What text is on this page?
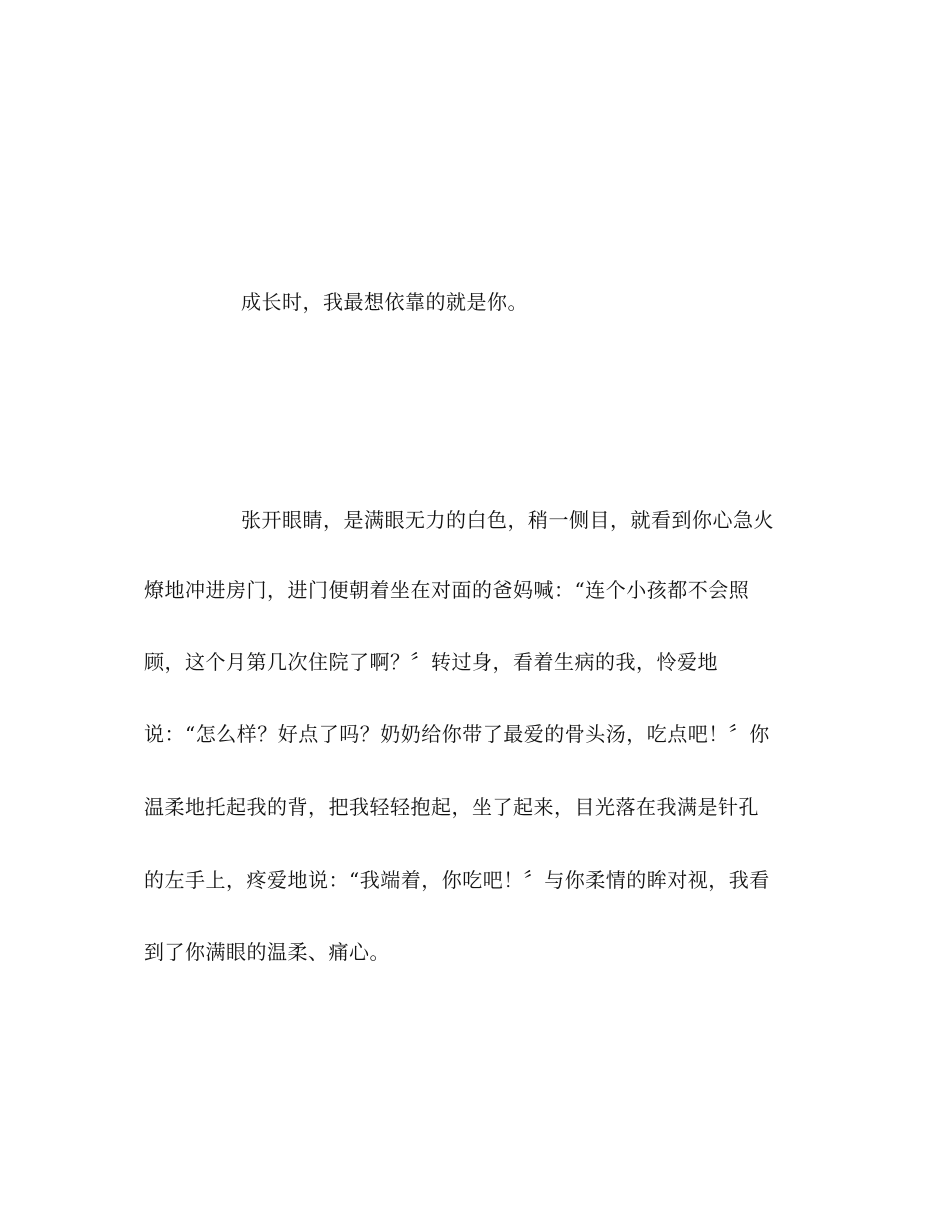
成长时，我最想依靠的就是你。
张开眼睛，是满眼无力的白色，稍一侧目，就看到你心急火
燎地冲进房门，进门便朝着坐在对面的爸妈喊：“连个小孩都不会照
顾，这个月第几次住院了啊？〞转过身，看着生病的我，怜爱地
说：“怎么样？好点了吗？奶奶给你带了最爱的骨头汤，吃点吧！〞你
温柔地托起我的背，把我轻轻抱起，坐了起来，目光落在我满是针孔
的左手上，疼爱地说：“我端着，你吃吧！〞与你柔情的眸对视，我看
到了你满眼的温柔、痛心。
